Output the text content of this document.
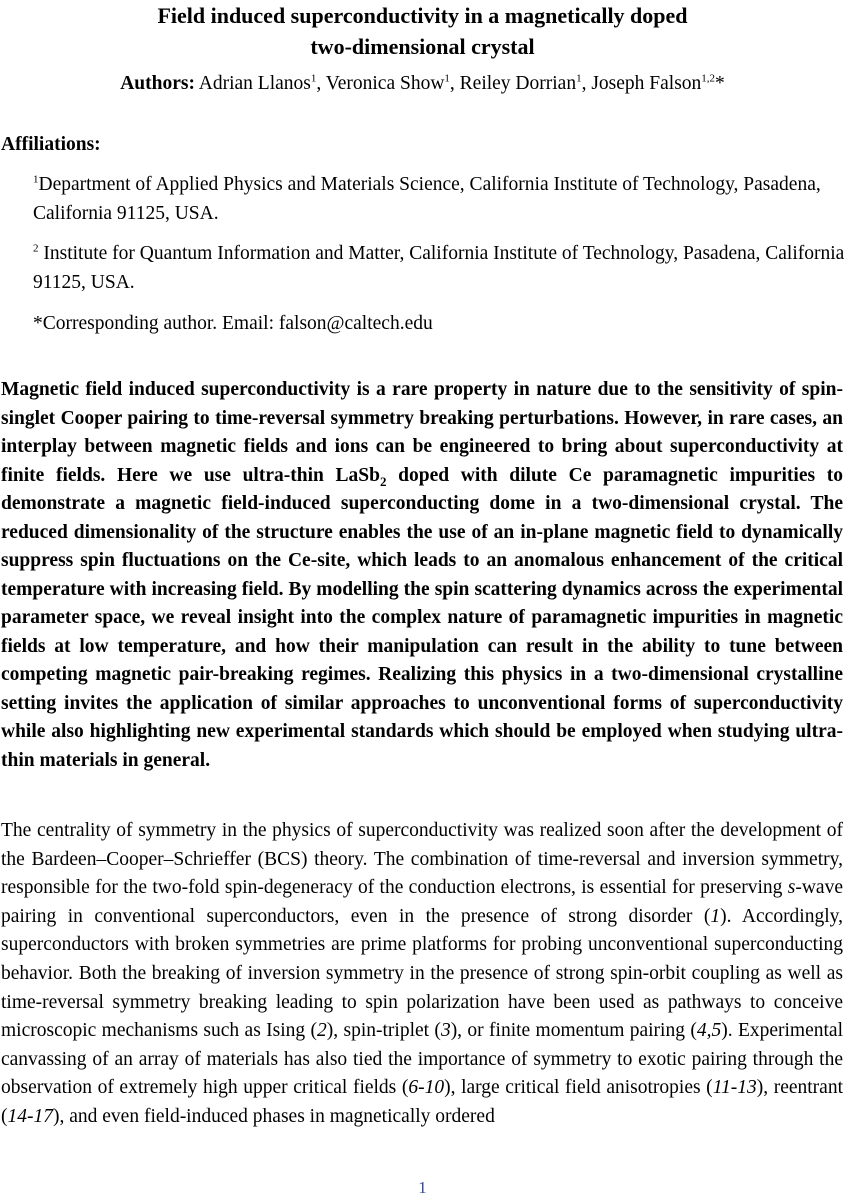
Field induced superconductivity in a magnetically doped
two-dimensional crystal
Authors: Adrian Llanos$^1$, Veronica Show$^1$, Reiley Dorrian$^1$, Joseph Falson$^{1,2}$*
Affiliations:
$^1$Department of Applied Physics and Materials Science, California Institute of Technology, Pasadena, California 91125, USA.
$^2$ Institute for Quantum Information and Matter, California Institute of Technology, Pasadena, California 91125, USA.
*Corresponding author. Email: falson@caltech.edu
Magnetic field induced superconductivity is a rare property in nature due to the sensitivity of spin-singlet Cooper pairing to time-reversal symmetry breaking perturbations. However, in rare cases, an interplay between magnetic fields and ions can be engineered to bring about superconductivity at finite fields. Here we use ultra-thin LaSb$_2$ doped with dilute Ce paramagnetic impurities to demonstrate a magnetic field-induced superconducting dome in a two-dimensional crystal. The reduced dimensionality of the structure enables the use of an in-plane magnetic field to dynamically suppress spin fluctuations on the Ce-site, which leads to an anomalous enhancement of the critical temperature with increasing field. By modelling the spin scattering dynamics across the experimental parameter space, we reveal insight into the complex nature of paramagnetic impurities in magnetic fields at low temperature, and how their manipulation can result in the ability to tune between competing magnetic pair-breaking regimes. Realizing this physics in a two-dimensional crystalline setting invites the application of similar approaches to unconventional forms of superconductivity while also highlighting new experimental standards which should be employed when studying ultra-thin materials in general.
The centrality of symmetry in the physics of superconductivity was realized soon after the development of the Bardeen–Cooper–Schrieffer (BCS) theory. The combination of time-reversal and inversion symmetry, responsible for the two-fold spin-degeneracy of the conduction electrons, is essential for preserving s-wave pairing in conventional superconductors, even in the presence of strong disorder (1). Accordingly, superconductors with broken symmetries are prime platforms for probing unconventional superconducting behavior. Both the breaking of inversion symmetry in the presence of strong spin-orbit coupling as well as time-reversal symmetry breaking leading to spin polarization have been used as pathways to conceive microscopic mechanisms such as Ising (2), spin-triplet (3), or finite momentum pairing (4,5). Experimental canvassing of an array of materials has also tied the importance of symmetry to exotic pairing through the observation of extremely high upper critical fields (6-10), large critical field anisotropies (11-13), reentrant (14-17), and even field-induced phases in magnetically ordered
1
